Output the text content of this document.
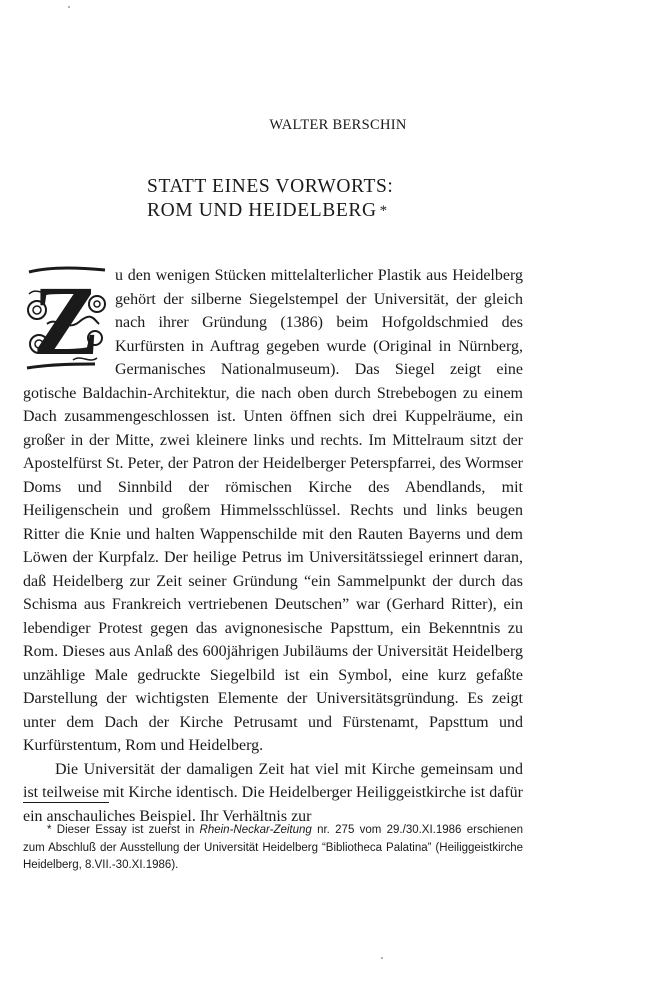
WALTER BERSCHIN
STATT EINES VORWORTS:
ROM UND HEIDELBERG *
Z u den wenigen Stücken mittelalterlicher Plastik aus Heidelberg gehört der silberne Siegelstempel der Universität, der gleich nach ihrer Gründung (1386) beim Hofgoldschmied des Kurfürsten in Auftrag gegeben wurde (Original in Nürnberg, Germanisches Nationalmuseum). Das Siegel zeigt eine gotische Baldachin-Architektur, die nach oben durch Strebebogen zu einem Dach zusammengeschlossen ist. Unten öffnen sich drei Kuppelräume, ein großer in der Mitte, zwei kleinere links und rechts. Im Mittelraum sitzt der Apostelfürst St. Peter, der Patron der Heidelberger Peterspfarrei, des Wormser Doms und Sinnbild der römischen Kirche des Abendlands, mit Heiligenschein und großem Himmelsschlüssel. Rechts und links beugen Ritter die Knie und halten Wappenschilde mit den Rauten Bayerns und dem Löwen der Kurpfalz. Der heilige Petrus im Universitätssiegel erinnert daran, daß Heidelberg zur Zeit seiner Gründung “ein Sammelpunkt der durch das Schisma aus Frankreich vertriebenen Deutschen” war (Gerhard Ritter), ein lebendiger Protest gegen das avignonesische Papsttum, ein Bekenntnis zu Rom. Dieses aus Anlaß des 600jährigen Jubiläums der Universität Heidelberg unzählige Male gedruckte Siegelbild ist ein Symbol, eine kurz gefaßte Darstellung der wichtigsten Elemente der Universitätsgründung. Es zeigt unter dem Dach der Kirche Petrusamt und Fürstenamt, Papsttum und Kurfürstentum, Rom und Heidelberg.

Die Universität der damaligen Zeit hat viel mit Kirche gemeinsam und ist teilweise mit Kirche identisch. Die Heidelberger Heiliggeistkirche ist dafür ein anschauliches Beispiel. Ihr Verhältnis zur

* Dieser Essay ist zuerst in Rhein-Neckar-Zeitung nr. 275 vom 29./30.XI.1986 erschienen zum Abschluß der Ausstellung der Universität Heidelberg “Bibliotheca Palatina” (Heiliggeistkirche Heidelberg, 8.VII.-30.XI.1986).
